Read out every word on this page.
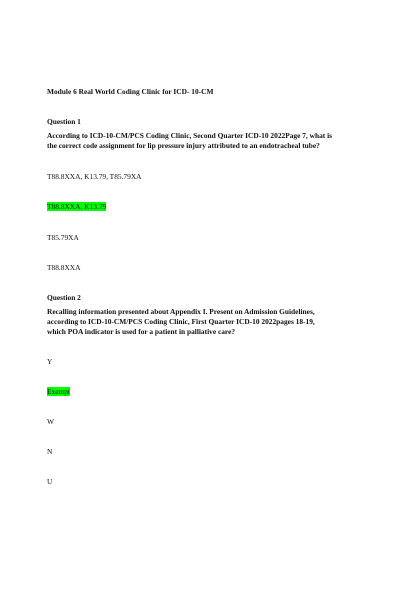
Module 6 Real World Coding Clinic for ICD- 10-CM

Question 1

According to ICD-10-CM/PCS Coding Clinic, Second Quarter ICD-10 2022Page 7, what is

the correct code assignment for lip pressure injury attributed to an endotracheal tube?

T88.8XXA, K13.79, T85.79XA

T88.8XXA, K13.79

T85.79XA

T88.8XXA

Question 2

Recalling information presented about Appendix I. Present on Admission Guidelines,

according to ICD-10-CM/PCS Coding Clinic, First Quarter ICD-10 2022pages 18-19,

which POA indicator is used for a patient in palliative care?

Y

Exempt

W

N

U
